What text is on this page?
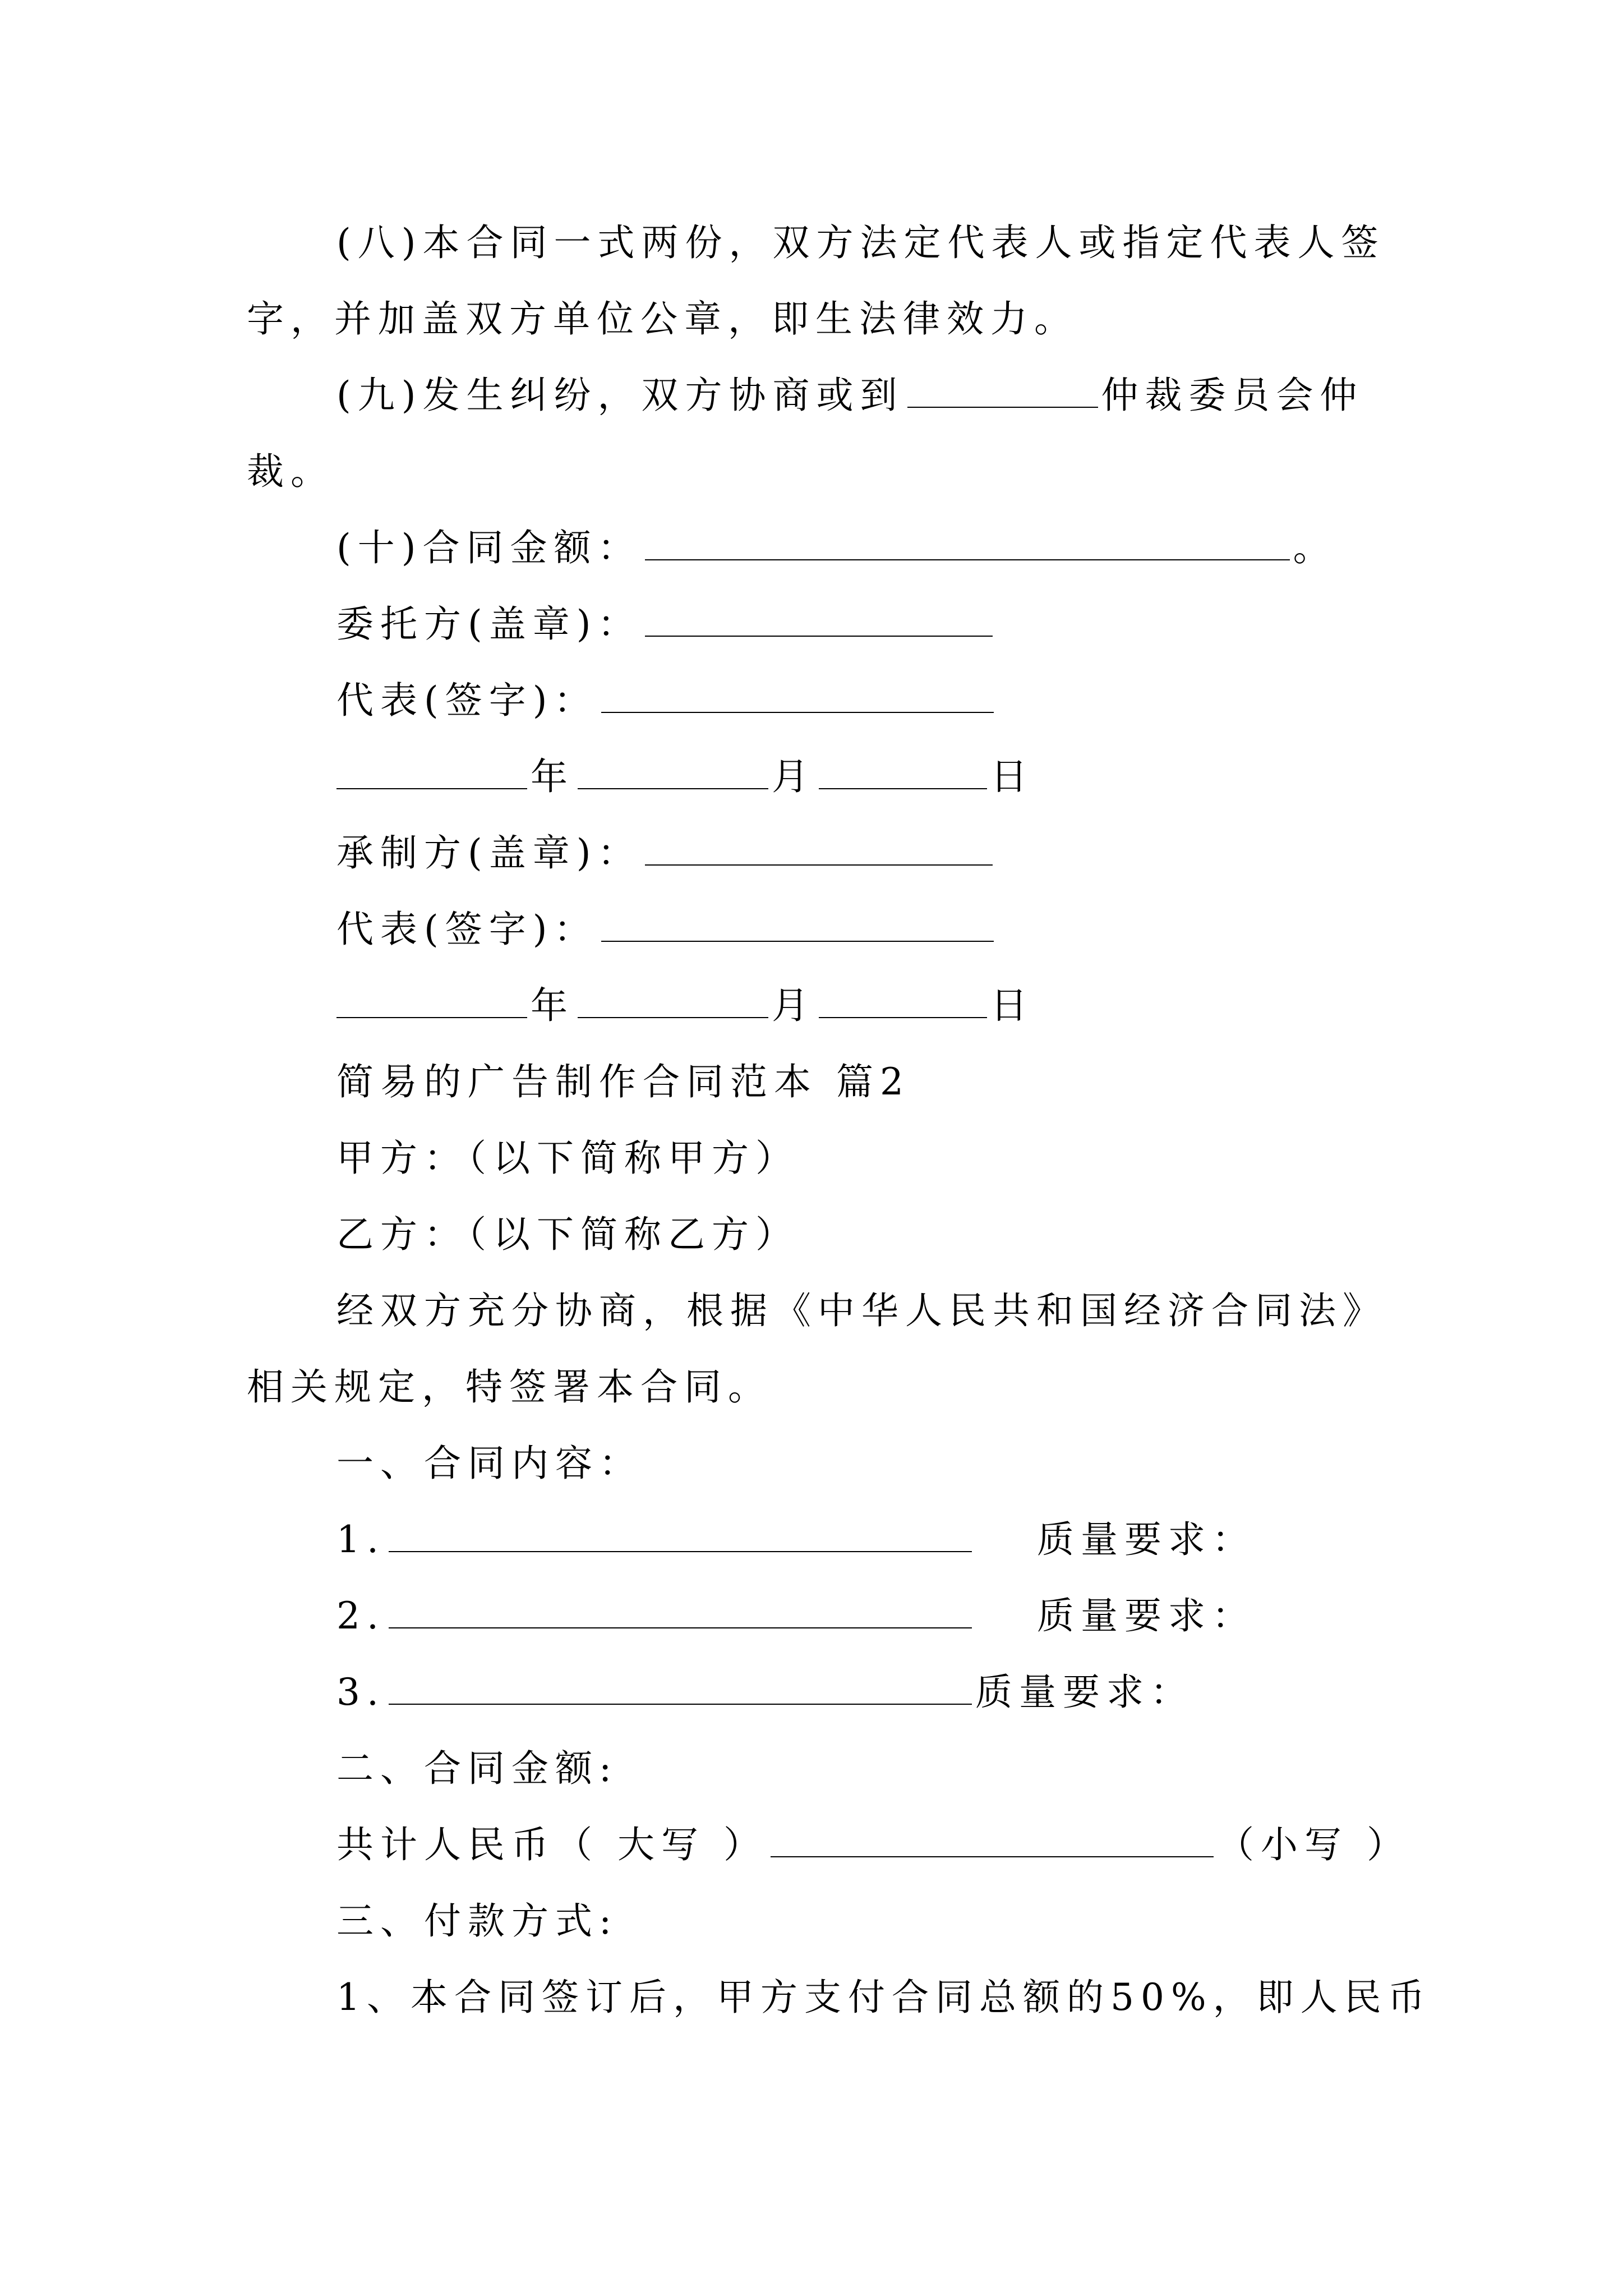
(八)本合同一式两份，双方法定代表人或指定代表人签
字，并加盖双方单位公章，即生法律效力。
(九)发生纠纷，双方协商或到	仲裁委员会仲
裁。
(十)合同金额：	。
委托方(盖章)：
代表(签字)：
年	月	日
承制方(盖章)：
代表(签字)：
年	月	日
简易的广告制作合同范本 篇2
甲方：（以下简称甲方）
乙方：（以下简称乙方）
经双方充分协商，根据《中华人民共和国经济合同法》
相关规定，特签署本合同。
一、合同内容：
1.	质量要求：
2.	质量要求：
3.	质量要求：
二、合同金额:
共计人民币（ 大写 ）	（小写 ）
三、付款方式:
1、本合同签订后，甲方支付合同总额的50%，即人民币
